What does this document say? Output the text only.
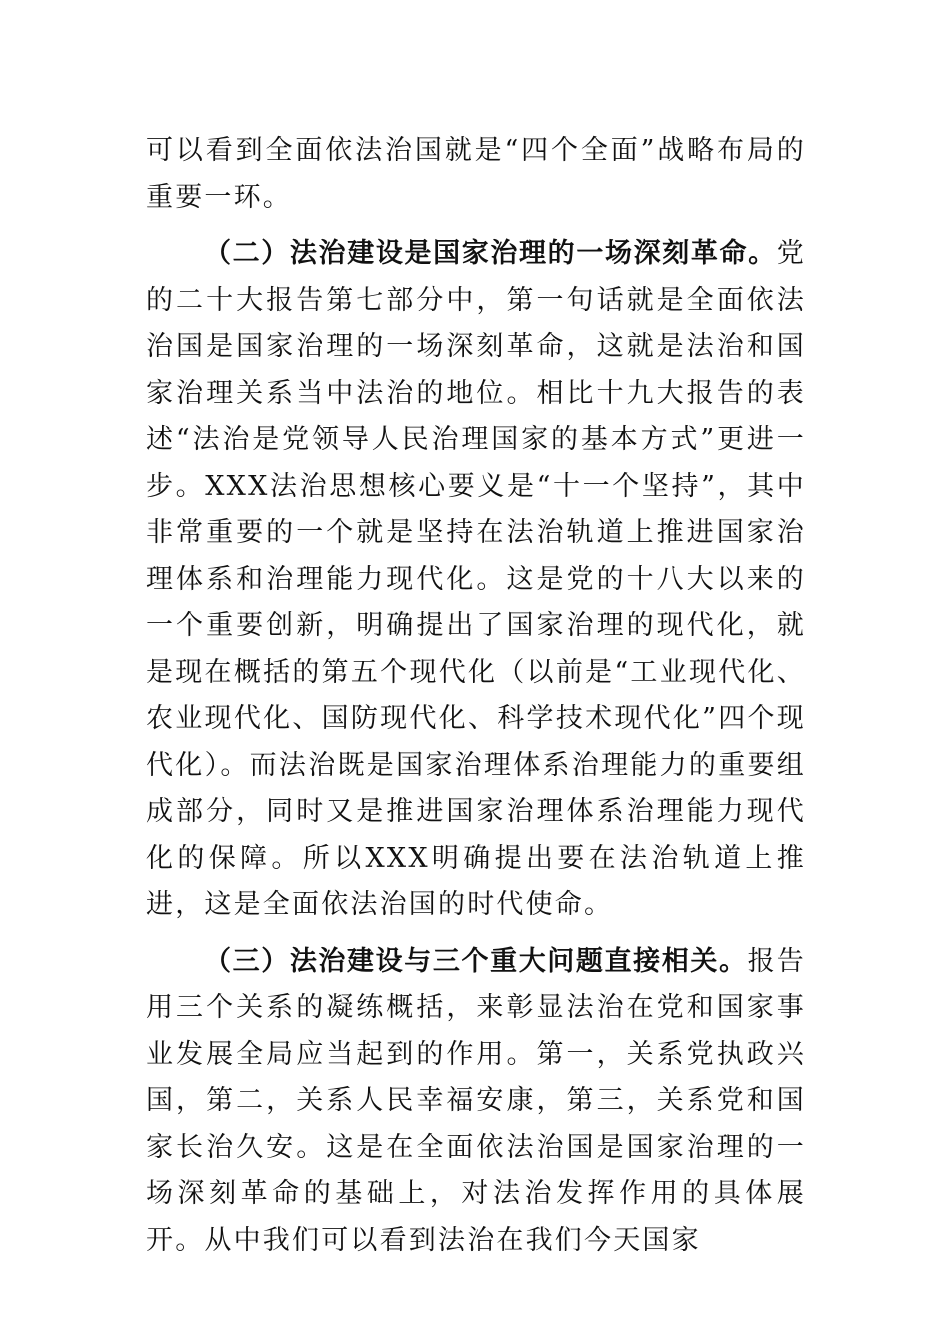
可以看到全面依法治国就是“四个全面”战略布局的重要一环。

（二）法治建设是国家治理的一场深刻革命。党的二十大报告第七部分中，第一句话就是全面依法治国是国家治理的一场深刻革命，这就是法治和国家治理关系当中法治的地位。相比十九大报告的表述“法治是党领导人民治理国家的基本方式”更进一步。XXX法治思想核心要义是“十一个坚持”，其中非常重要的一个就是坚持在法治轨道上推进国家治理体系和治理能力现代化。这是党的十八大以来的一个重要创新，明确提出了国家治理的现代化，就是现在概括的第五个现代化（以前是“工业现代化、农业现代化、国防现代化、科学技术现代化”四个现代化）。而法治既是国家治理体系治理能力的重要组成部分，同时又是推进国家治理体系治理能力现代化的保障。所以XXX明确提出要在法治轨道上推进，这是全面依法治国的时代使命。

（三）法治建设与三个重大问题直接相关。报告用三个关系的凝练概括，来彰显法治在党和国家事业发展全局应当起到的作用。第一，关系党执政兴国，第二，关系人民幸福安康，第三，关系党和国家长治久安。这是在全面依法治国是国家治理的一场深刻革命的基础上，对法治发挥作用的具体展开。从中我们可以看到法治在我们今天国家
